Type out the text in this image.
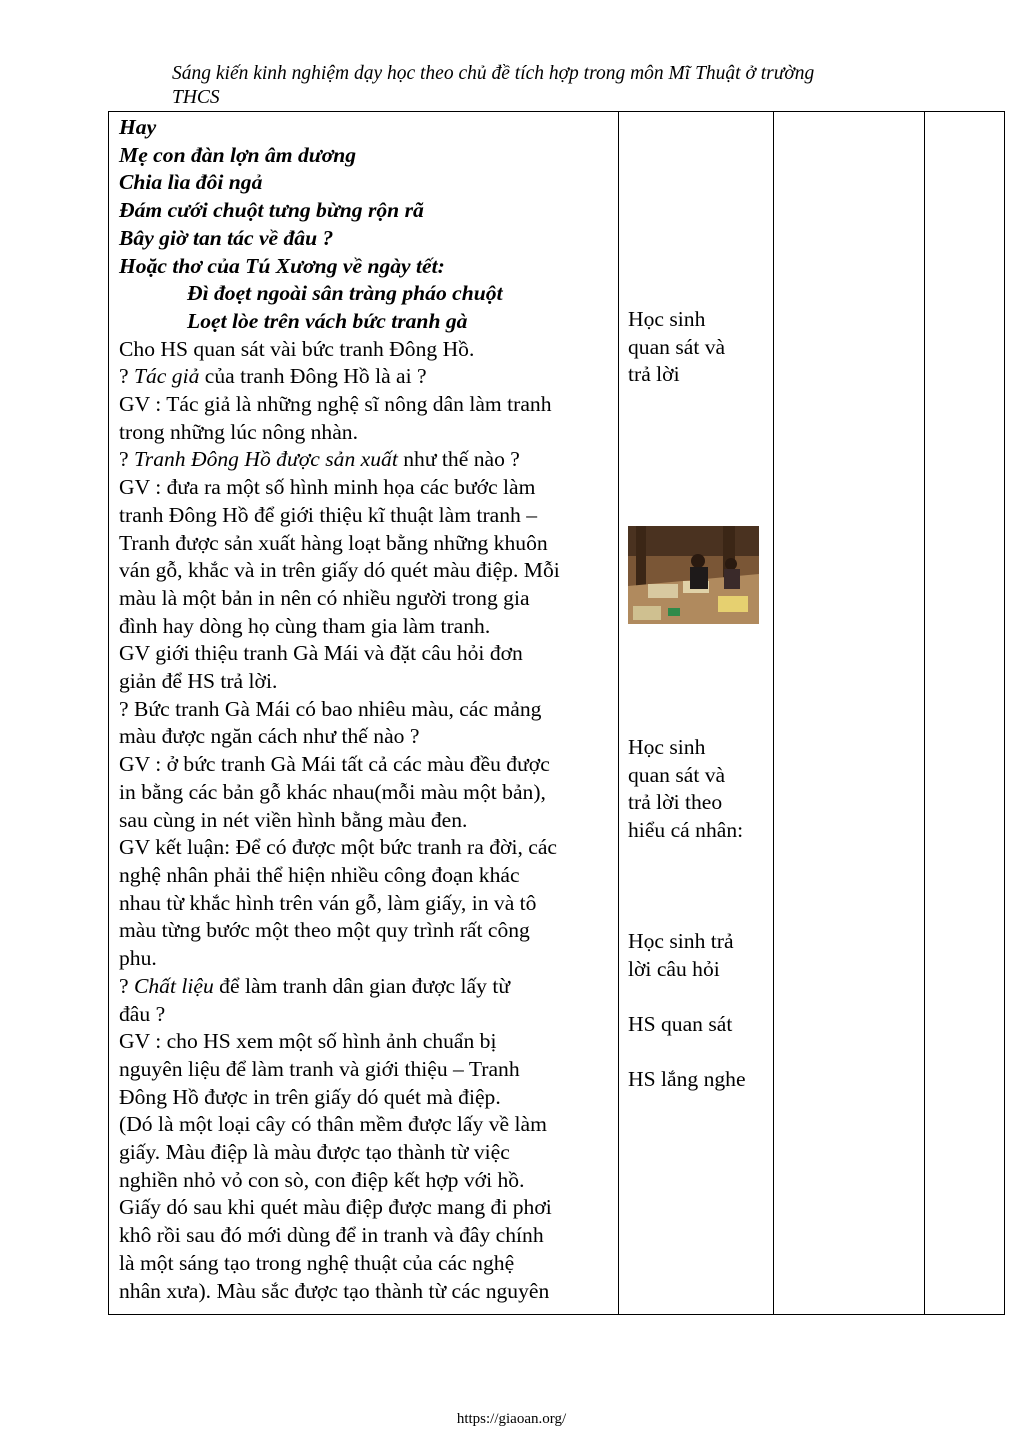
Sáng kiến kinh nghiệm dạy học theo chủ đề tích hợp trong môn Mĩ Thuật ở trường
THCS
Hay
Mẹ con đàn lợn âm dương
Chia lìa đôi ngả
Đám cưới chuột tưng bừng rộn rã
Bây giờ tan tác về đâu ?
Hoặc thơ của Tú Xương về ngày tết:
Đì đoẹt ngoài sân tràng pháo chuột
Loẹt lòe trên vách bức tranh gà
Cho HS quan sát vài bức tranh Đông Hồ.
? Tác giả của tranh Đông Hồ là ai ?
GV : Tác giả là những nghệ sĩ nông dân làm tranh
trong những lúc nông nhàn.
? Tranh Đông Hồ được sản xuất như thế nào ?
GV : đưa ra một số hình minh họa các bước làm
tranh Đông Hồ để giới thiệu kĩ thuật làm tranh –
Tranh được sản xuất hàng loạt bằng những khuôn
ván gỗ, khắc và in trên giấy dó quét màu điệp. Mỗi
màu là một bản in nên có nhiều người trong gia
đình hay dòng họ cùng tham gia làm tranh.
GV giới thiệu tranh Gà Mái và đặt câu hỏi đơn
giản để HS trả lời.
? Bức tranh Gà Mái có bao nhiêu màu, các mảng
màu được ngăn cách như thế nào ?
GV : ở bức tranh Gà Mái tất cả các màu đều được
in bằng các bản gỗ khác nhau(mỗi màu một bản),
sau cùng in nét viền hình bằng màu đen.
GV kết luận: Để có được một bức tranh ra đời, các
nghệ nhân phải thể hiện nhiều công đoạn khác
nhau từ khắc hình trên ván gỗ, làm giấy, in và tô
màu từng bước một theo một quy trình rất công
phu.
? Chất liệu để làm tranh dân gian được lấy từ
đâu ?
GV : cho HS xem một số hình ảnh chuẩn bị
nguyên liệu để làm tranh và giới thiệu – Tranh
Đông Hồ được in trên giấy dó quét mà điệp.
(Dó là một loại cây có thân mềm được lấy về làm
giấy. Màu điệp là màu được tạo thành từ việc
nghiền nhỏ vỏ con sò, con điệp kết hợp với hồ.
Giấy dó sau khi quét màu điệp được mang đi phơi
khô rồi sau đó mới dùng để in tranh và đây chính
là một sáng tạo trong nghệ thuật của các nghệ
nhân xưa). Màu sắc được tạo thành từ các nguyên
Học sinh
quan sát và
trả lời
Học sinh
quan sát và
trả lời theo
hiểu cá nhân:
Học sinh trả
lời câu hỏi
HS quan sát
HS lắng nghe
https://giaoan.org/
